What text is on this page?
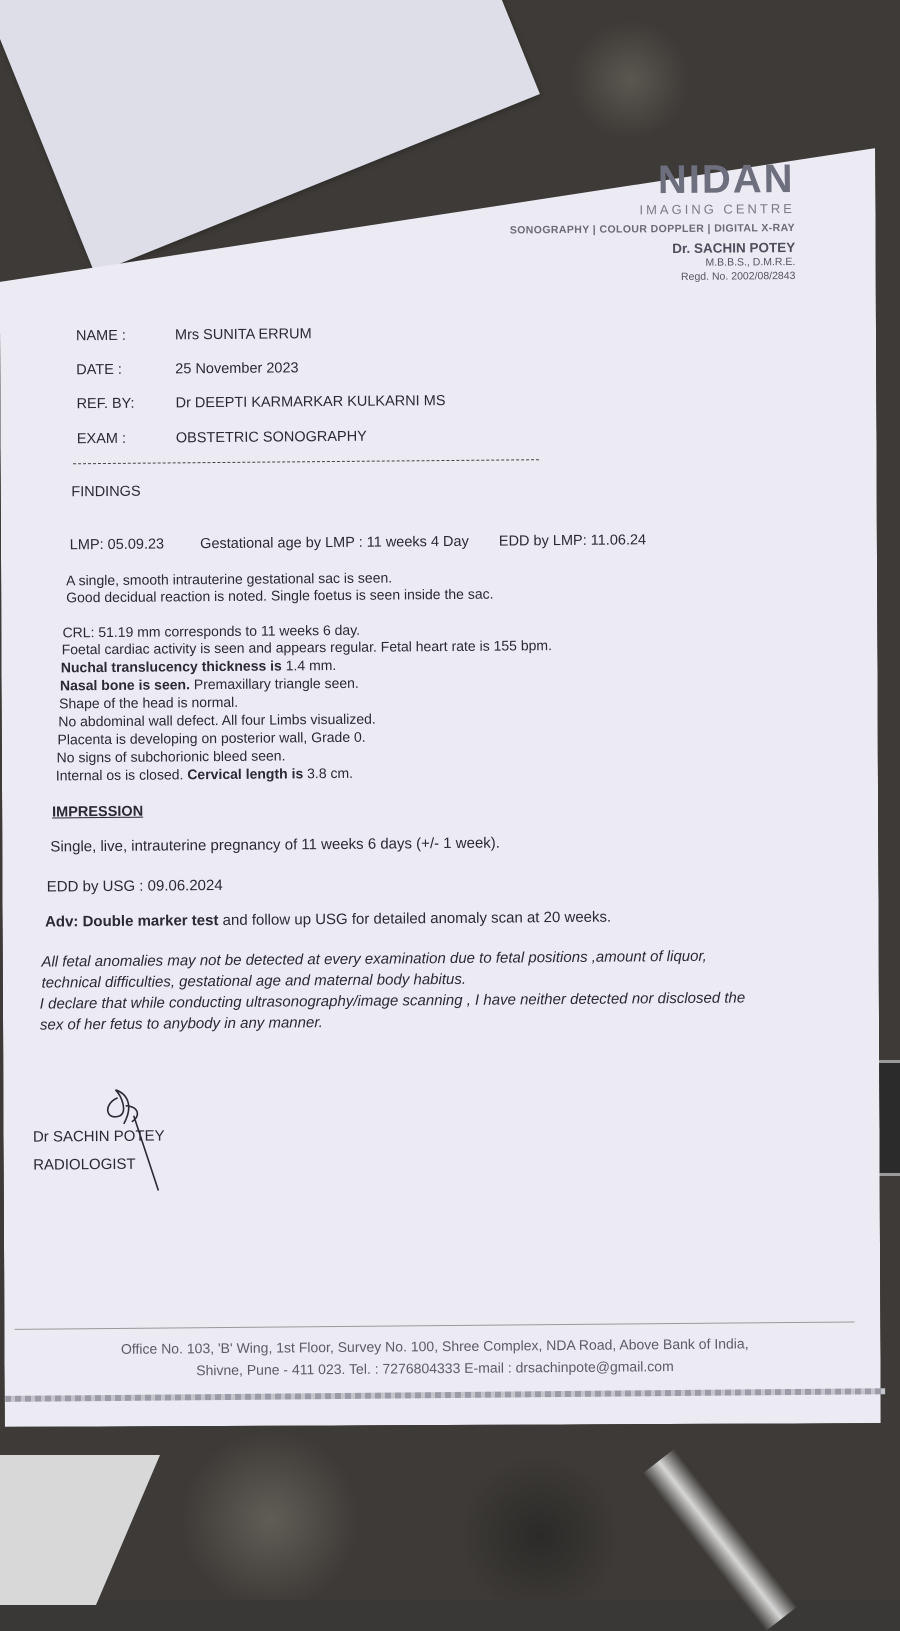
NIDAN
IMAGING CENTRE
SONOGRAPHY | COLOUR DOPPLER | DIGITAL X-RAY
Dr. SACHIN POTEY
M.B.B.S., D.M.R.E.
Regd. No. 2002/08/2843
NAME :	Mrs SUNITA ERRUM
DATE :	25 November 2023
REF. BY:	Dr DEEPTI KARMARKAR KULKARNI MS
EXAM :	OBSTETRIC SONOGRAPHY
FINDINGS
LMP: 05.09.23 Gestational age by LMP : 11 weeks 4 Day EDD by LMP: 11.06.24
A single, smooth intrauterine gestational sac is seen.
Good decidual reaction is noted. Single foetus is seen inside the sac.
CRL: 51.19 mm corresponds to 11 weeks 6 day.
Foetal cardiac activity is seen and appears regular. Fetal heart rate is 155 bpm.
Nuchal translucency thickness is 1.4 mm.
Nasal bone is seen. Premaxillary triangle seen.
Shape of the head is normal.
No abdominal wall defect. All four Limbs visualized.
Placenta is developing on posterior wall, Grade 0.
No signs of subchorionic bleed seen.
Internal os is closed. Cervical length is 3.8 cm.
IMPRESSION
Single, live, intrauterine pregnancy of 11 weeks 6 days (+/- 1 week).
EDD by USG : 09.06.2024
Adv: Double marker test and follow up USG for detailed anomaly scan at 20 weeks.
All fetal anomalies may not be detected at every examination due to fetal positions ,amount of liquor, technical difficulties, gestational age and maternal body habitus.
I declare that while conducting ultrasonography/image scanning , I have neither detected nor disclosed the sex of her fetus to anybody in any manner.
Dr SACHIN POTEY
RADIOLOGIST
Office No. 103, 'B' Wing, 1st Floor, Survey No. 100, Shree Complex, NDA Road, Above Bank of India,
Shivne, Pune - 411 023. Tel. : 7276804333 E-mail : drsachinpote@gmail.com
